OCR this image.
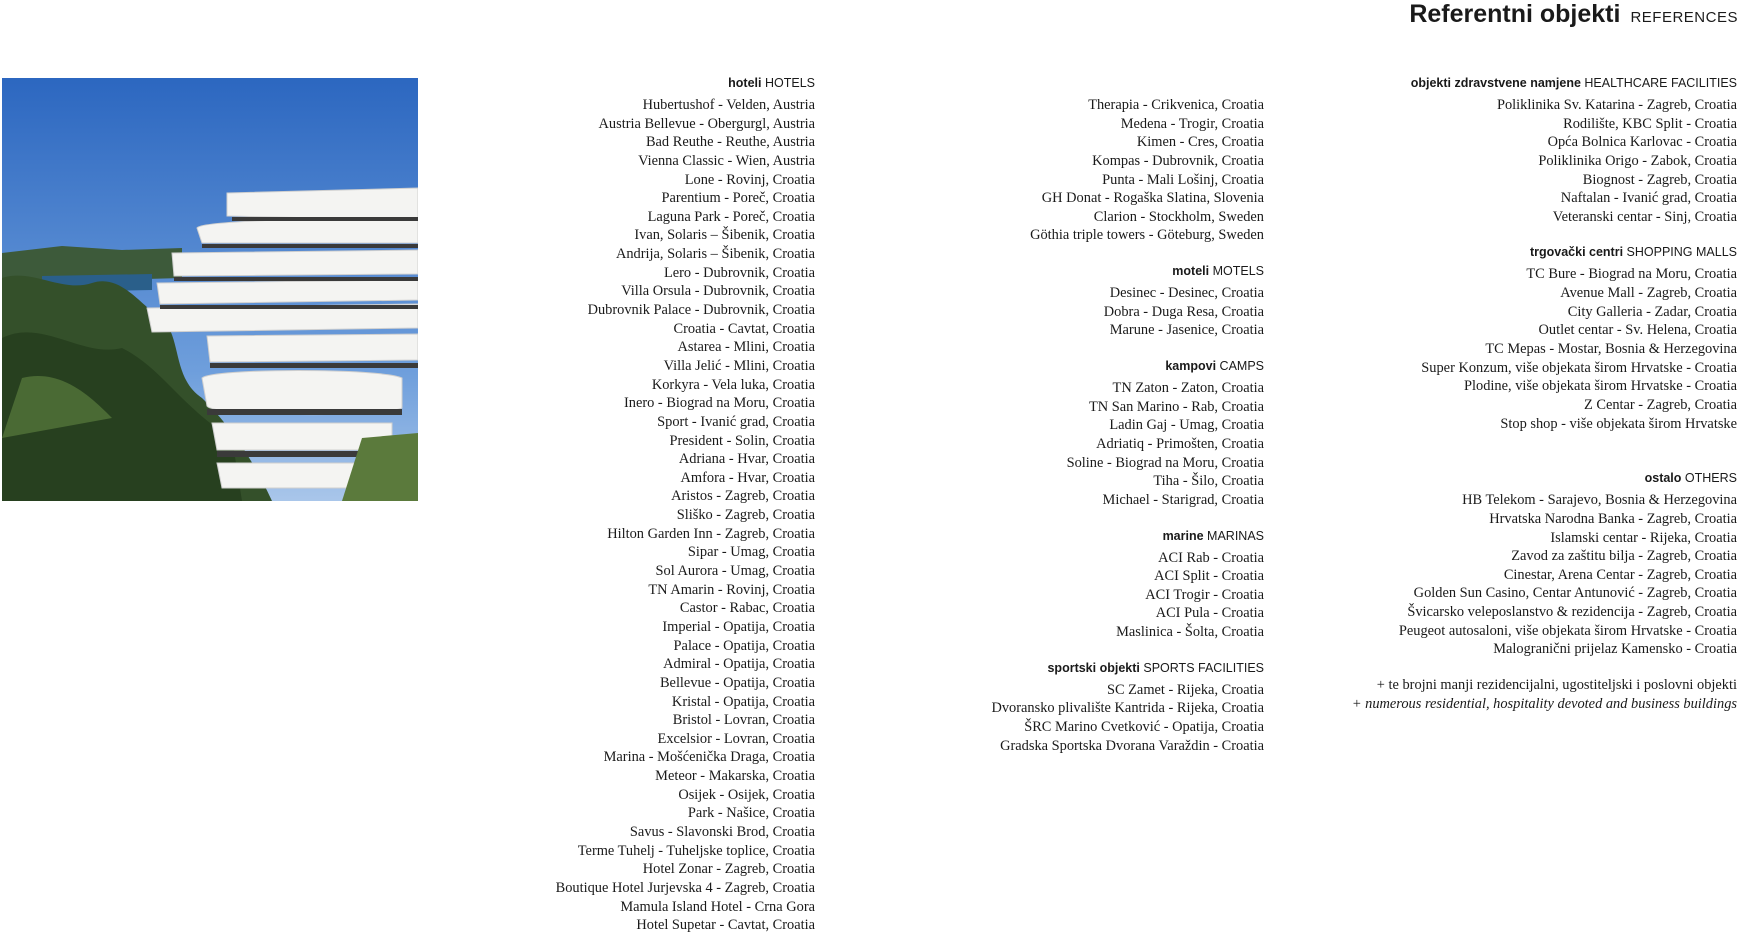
Referentni objekti REFERENCES
hoteli HOTELS
Hubertushof - Velden, Austria
Austria Bellevue - Obergurgl, Austria
Bad Reuthe - Reuthe, Austria
Vienna Classic - Wien, Austria
Lone - Rovinj, Croatia
Parentium - Poreč, Croatia
Laguna Park - Poreč, Croatia
Ivan, Solaris – Šibenik, Croatia
Andrija, Solaris – Šibenik, Croatia
Lero - Dubrovnik, Croatia
Villa Orsula - Dubrovnik, Croatia
Dubrovnik Palace - Dubrovnik, Croatia
Croatia - Cavtat, Croatia
Astarea - Mlini, Croatia
Villa Jelić - Mlini, Croatia
Korkyra - Vela luka, Croatia
Inero - Biograd na Moru, Croatia
Sport - Ivanić grad, Croatia
President - Solin, Croatia
Adriana - Hvar, Croatia
Amfora - Hvar, Croatia
Aristos - Zagreb, Croatia
Sliško - Zagreb, Croatia
Hilton Garden Inn - Zagreb, Croatia
Sipar - Umag, Croatia
Sol Aurora - Umag, Croatia
TN Amarin - Rovinj, Croatia
Castor - Rabac, Croatia
Imperial - Opatija, Croatia
Palace - Opatija, Croatia
Admiral - Opatija, Croatia
Bellevue - Opatija, Croatia
Kristal - Opatija, Croatia
Bristol - Lovran, Croatia
Excelsior - Lovran, Croatia
Marina - Mošćenička Draga, Croatia
Meteor - Makarska, Croatia
Osijek - Osijek, Croatia
Park - Našice, Croatia
Savus - Slavonski Brod, Croatia
Terme Tuhelj - Tuheljske toplice, Croatia
Hotel Zonar - Zagreb, Croatia
Boutique Hotel Jurjevska 4 - Zagreb, Croatia
Mamula Island Hotel - Crna Gora
Hotel Supetar - Cavtat, Croatia
Therapia - Crikvenica, Croatia
Medena - Trogir, Croatia
Kimen - Cres, Croatia
Kompas - Dubrovnik, Croatia
Punta - Mali Lošinj, Croatia
GH Donat - Rogaška Slatina, Slovenia
Clarion - Stockholm, Sweden
Göthia triple towers - Göteburg, Sweden
moteli MOTELS
Desinec - Desinec, Croatia
Dobra - Duga Resa, Croatia
Marune - Jasenice, Croatia
kampovi CAMPS
TN Zaton - Zaton, Croatia
TN San Marino - Rab, Croatia
Ladin Gaj - Umag, Croatia
Adriatiq - Primošten, Croatia
Soline - Biograd na Moru, Croatia
Tiha - Šilo, Croatia
Michael - Starigrad, Croatia
marine MARINAS
ACI Rab - Croatia
ACI Split - Croatia
ACI Trogir - Croatia
ACI Pula - Croatia
Maslinica - Šolta, Croatia
sportski objekti SPORTS FACILITIES
SC Zamet - Rijeka, Croatia
Dvoransko plivalište Kantrida - Rijeka, Croatia
ŠRC Marino Cvetković - Opatija, Croatia
Gradska Sportska Dvorana Varaždin - Croatia
objekti zdravstvene namjene HEALTHCARE FACILITIES
Poliklinika Sv. Katarina - Zagreb, Croatia
Rodilište, KBC Split - Croatia
Opća Bolnica Karlovac - Croatia
Poliklinika Origo - Zabok, Croatia
Biognost - Zagreb, Croatia
Naftalan - Ivanić grad, Croatia
Veteranski centar - Sinj, Croatia
trgovački centri SHOPPING MALLS
TC Bure - Biograd na Moru, Croatia
Avenue Mall - Zagreb, Croatia
City Galleria - Zadar, Croatia
Outlet centar - Sv. Helena, Croatia
TC Mepas - Mostar, Bosnia & Herzegovina
Super Konzum, više objekata širom Hrvatske - Croatia
Plodine, više objekata širom Hrvatske - Croatia
Z Centar - Zagreb, Croatia
Stop shop - više objekata širom Hrvatske
ostalo OTHERS
HB Telekom - Sarajevo, Bosnia & Herzegovina
Hrvatska Narodna Banka - Zagreb, Croatia
Islamski centar - Rijeka, Croatia
Zavod za zaštitu bilja - Zagreb, Croatia
Cinestar, Arena Centar - Zagreb, Croatia
Golden Sun Casino, Centar Antunović - Zagreb, Croatia
Švicarsko veleposlanstvo & rezidencija - Zagreb, Croatia
Peugeot autosaloni, više objekata širom Hrvatske - Croatia
Malogranični prijelaz Kamensko - Croatia
+ te brojni manji rezidencijalni, ugostiteljski i poslovni objekti
+ numerous residential, hospitality devoted and business buildings
